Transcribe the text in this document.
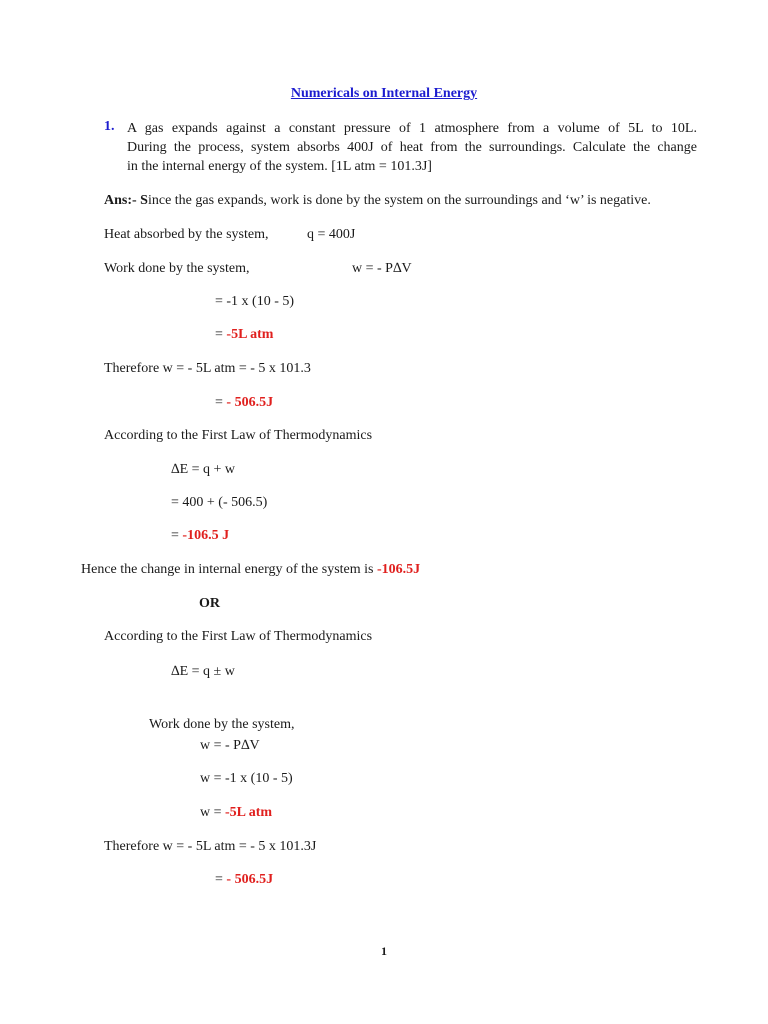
Numericals on Internal Energy
1. A gas expands against a constant pressure of 1 atmosphere from a volume of 5L to 10L.
During the process, system absorbs 400J of heat from the surroundings. Calculate the change
in the internal energy of the system. [1L atm = 101.3J]
Ans:- Since the gas expands, work is done by the system on the surroundings and ‘w’ is negative.
Heat absorbed by the system,	q = 400J
Work done by the system,	w = - P∆V
= -1 x (10 - 5)
= -5L atm
Therefore w = - 5L atm = - 5 x 101.3
= - 506.5J
According to the First Law of Thermodynamics
∆E = q + w
= 400 + (- 506.5)
= -106.5 J
Hence the change in internal energy of the system is -106.5J
OR
According to the First Law of Thermodynamics
∆E = q ± w
Work done by the system,
w = - P∆V
w = -1 x (10 - 5)
w = -5L atm
Therefore w = - 5L atm = - 5 x 101.3J
= - 506.5J
1
